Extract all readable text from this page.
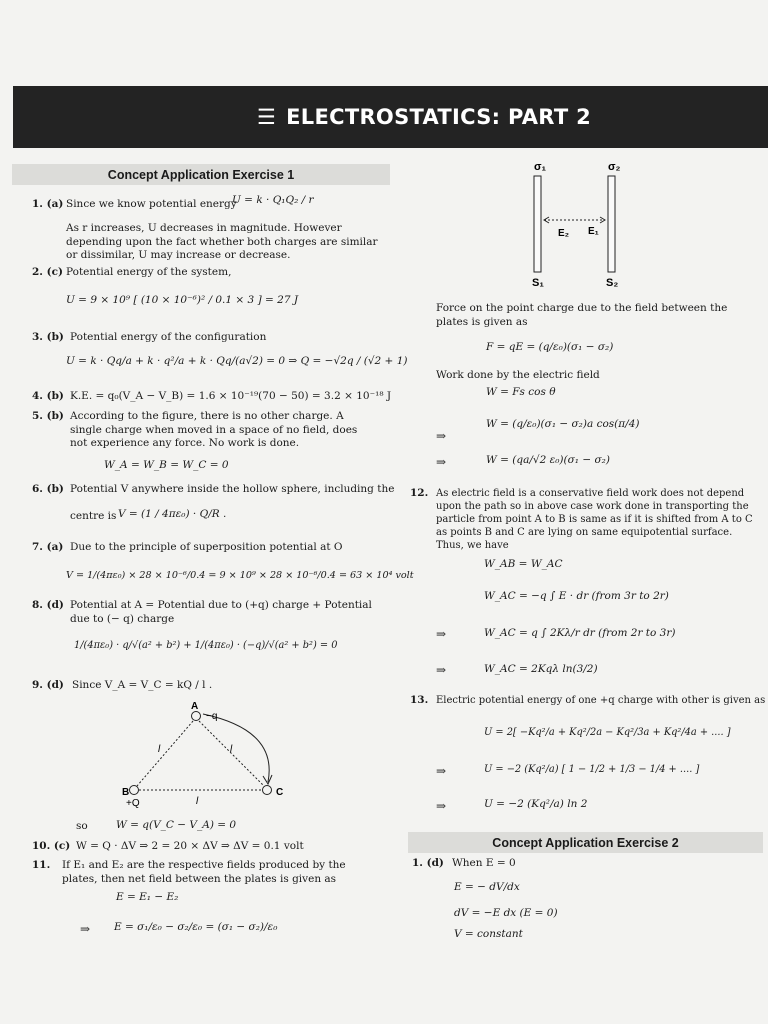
☰ ELECTROSTATICS: PART 2
Concept Application Exercise 1
Concept Application Exercise 2
1. (a) Since we know potential energy
U = k · Q₁Q₂ / r
As r increases, U decreases in magnitude. However depending upon the fact whether both charges are similar or dissimilar, U may increase or decrease.
2. (c) Potential energy of the system,
U = 9 × 10⁹ [ (10 × 10⁻⁶)² / 0.1 × 3 ] = 27 J
3. (b) Potential energy of the configuration
U = k · Qq/a + k · q²/a + k · Qq/(a√2) = 0 ⇒ Q = −√2q / (√2 + 1)
4. (b) K.E. = q₀(V_A − V_B) = 1.6 × 10⁻¹⁹(70 − 50) = 3.2 × 10⁻¹⁸ J
5. (b) According to the figure, there is no other charge. A single charge when moved in a space of no field, does not experience any force. No work is done.
W_A = W_B = W_C = 0
6. (b) Potential V anywhere inside the hollow sphere, including the
centre is V = (1 / 4πε₀) · Q/R .
7. (a) Due to the principle of superposition potential at O
V = 1/(4πε₀) × 28 × 10⁻⁶/0.4 = 9 × 10⁹ × 28 × 10⁻⁶/0.4 = 63 × 10⁴ volt
8. (d) Potential at A = Potential due to (+q) charge + Potential due to (− q) charge
1/(4πε₀) · q/√(a² + b²) + 1/(4πε₀) · (−q)/√(a² + b²) = 0
9. (d) Since V_A = V_C = kQ / l .
A
−q
B
+Q
C
l	l
l
so	W = q(V_C − V_A) = 0
10. (c) W = Q · ΔV ⇒ 2 = 20 × ΔV ⇒ ΔV = 0.1 volt
11. If E₁ and E₂ are the respective fields produced by the plates, then net field between the plates is given as
E = E₁ − E₂
⇒ E = σ₁/ε₀ − σ₂/ε₀ = (σ₁ − σ₂)/ε₀
σ₁	σ₂
E₂ E₁
S₁	S₂
Force on the point charge due to the field between the plates is given as
F = qE = (q/ε₀)(σ₁ − σ₂)
Work done by the electric field
W = Fs cos θ
⇒
W = (q/ε₀)(σ₁ − σ₂)a cos(π/4)
⇒	W = (qa/√2 ε₀)(σ₁ − σ₂)
12. As electric field is a conservative field work does not depend upon the path so in above case work done in transporting the particle from point A to B is same as if it is shifted from A to C as points B and C are lying on same equipotential surface. Thus, we have
W_AB = W_AC
W_AC = −q ∫ E · dr (from 3r to 2r)
⇒	W_AC = q ∫ 2Kλ/r dr (from 2r to 3r)
⇒	W_AC = 2Kqλ ln(3/2)
13. Electric potential energy of one +q charge with other is given as
U = 2[ −Kq²/a + Kq²/2a − Kq²/3a + Kq²/4a + .... ]
⇒	U = −2 (Kq²/a) [ 1 − 1/2 + 1/3 − 1/4 + .... ]
⇒	U = −2 (Kq²/a) ln 2
1. (d) When E = 0
E = − dV/dx
dV = −E dx (E = 0)
V = constant
